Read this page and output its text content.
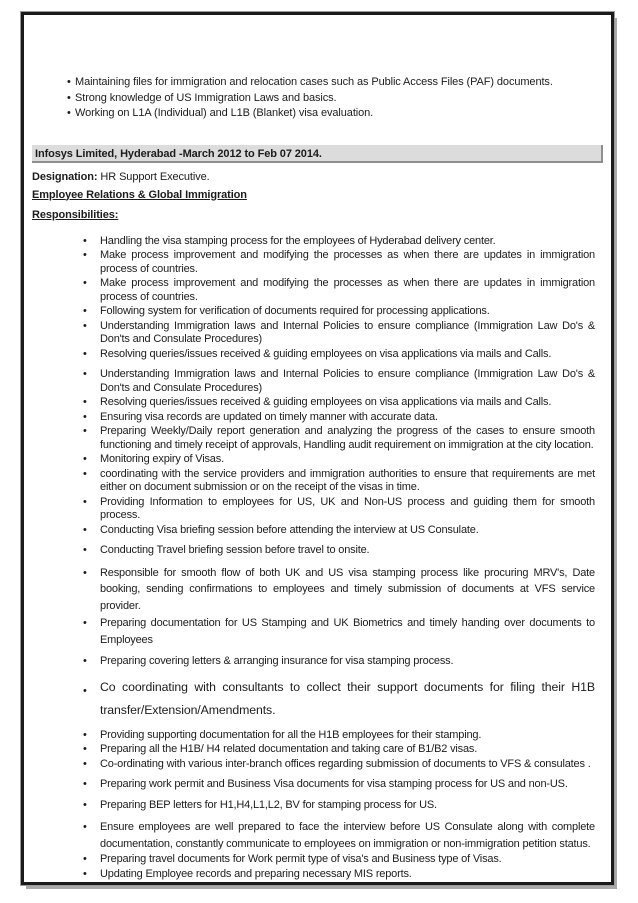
• Maintaining files for immigration and relocation cases such as Public Access Files (PAF) documents.
• Strong knowledge of US Immigration Laws and basics.
• Working on L1A (Individual) and L1B (Blanket) visa evaluation.
Infosys Limited, Hyderabad -March 2012 to Feb 07 2014.
Designation: HR Support Executive.
Employee Relations & Global Immigration
Responsibilities:
• Handling the visa stamping process for the employees of Hyderabad delivery center.
• Make process improvement and modifying the processes as when there are updates in immigration process of countries.
• Make process improvement and modifying the processes as when there are updates in immigration process of countries.
• Following system for verification of documents required for processing applications.
• Understanding Immigration laws and Internal Policies to ensure compliance (Immigration Law Do's & Don'ts and Consulate Procedures)
• Resolving queries/issues received & guiding employees on visa applications via mails and Calls.
• Understanding Immigration laws and Internal Policies to ensure compliance (Immigration Law Do's & Don'ts and Consulate Procedures)
• Resolving queries/issues received & guiding employees on visa applications via mails and Calls.
• Ensuring visa records are updated on timely manner with accurate data.
• Preparing Weekly/Daily report generation and analyzing the progress of the cases to ensure smooth functioning and timely receipt of approvals, Handling audit requirement on immigration at the city location.
• Monitoring expiry of Visas.
• coordinating with the service providers and immigration authorities to ensure that requirements are met either on document submission or on the receipt of the visas in time.
• Providing Information to employees for US, UK and Non-US process and guiding them for smooth process.
• Conducting Visa briefing session before attending the interview at US Consulate.
• Conducting Travel briefing session before travel to onsite.
• Responsible for smooth flow of both UK and US visa stamping process like procuring MRV's, Date booking, sending confirmations to employees and timely submission of documents at VFS service provider.
• Preparing documentation for US Stamping and UK Biometrics and timely handing over documents to Employees
• Preparing covering letters & arranging insurance for visa stamping process.
• Co coordinating with consultants to collect their support documents for filing their H1B transfer/Extension/Amendments.
• Providing supporting documentation for all the H1B employees for their stamping.
• Preparing all the H1B/ H4 related documentation and taking care of B1/B2 visas.
• Co-ordinating with various inter-branch offices regarding submission of documents to VFS & consulates .
• Preparing work permit and Business Visa documents for visa stamping process for US and non-US.
• Preparing BEP letters for H1,H4,L1,L2, BV for stamping process for US.
• Ensure employees are well prepared to face the interview before US Consulate along with complete documentation, constantly communicate to employees on immigration or non-immigration petition status.
• Preparing travel documents for Work permit type of visa's and Business type of Visas.
• Updating Employee records and preparing necessary MIS reports.
